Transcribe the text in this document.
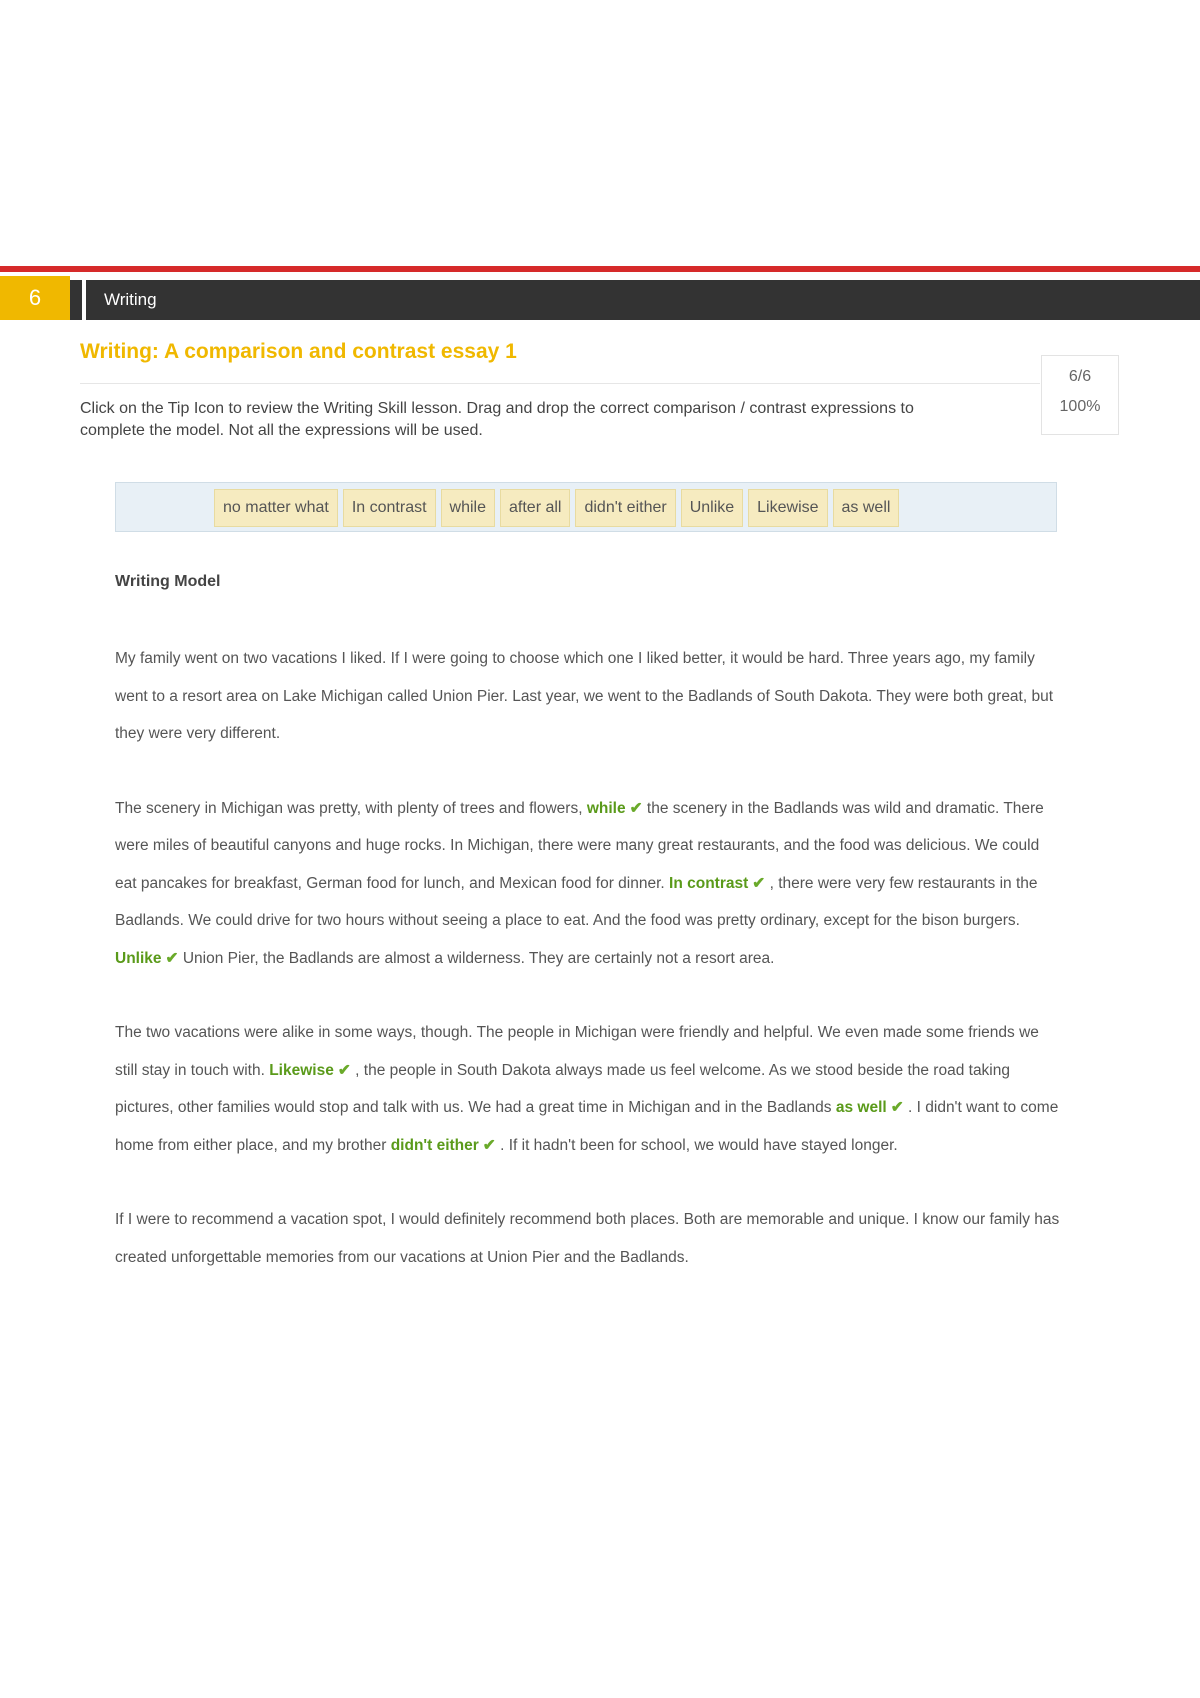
6	Writing
Writing: A comparison and contrast essay 1
Click on the Tip Icon to review the Writing Skill lesson. Drag and drop the correct comparison / contrast expressions to complete the model. Not all the expressions will be used.
6/6
100%
no matter what	In contrast	while	after all	didn't either	Unlike	Likewise	as well
Writing Model

My family went on two vacations I liked. If I were going to choose which one I liked better, it would be hard. Three years ago, my family went to a resort area on Lake Michigan called Union Pier. Last year, we went to the Badlands of South Dakota. They were both great, but they were very different.

The scenery in Michigan was pretty, with plenty of trees and flowers, while ✔ the scenery in the Badlands was wild and dramatic. There were miles of beautiful canyons and huge rocks. In Michigan, there were many great restaurants, and the food was delicious. We could eat pancakes for breakfast, German food for lunch, and Mexican food for dinner. In contrast ✔ , there were very few restaurants in the Badlands. We could drive for two hours without seeing a place to eat. And the food was pretty ordinary, except for the bison burgers. Unlike ✔ Union Pier, the Badlands are almost a wilderness. They are certainly not a resort area.

The two vacations were alike in some ways, though. The people in Michigan were friendly and helpful. We even made some friends we still stay in touch with. Likewise ✔ , the people in South Dakota always made us feel welcome. As we stood beside the road taking pictures, other families would stop and talk with us. We had a great time in Michigan and in the Badlands as well ✔ . I didn't want to come home from either place, and my brother didn't either ✔ . If it hadn't been for school, we would have stayed longer.

If I were to recommend a vacation spot, I would definitely recommend both places. Both are memorable and unique. I know our family has created unforgettable memories from our vacations at Union Pier and the Badlands.
